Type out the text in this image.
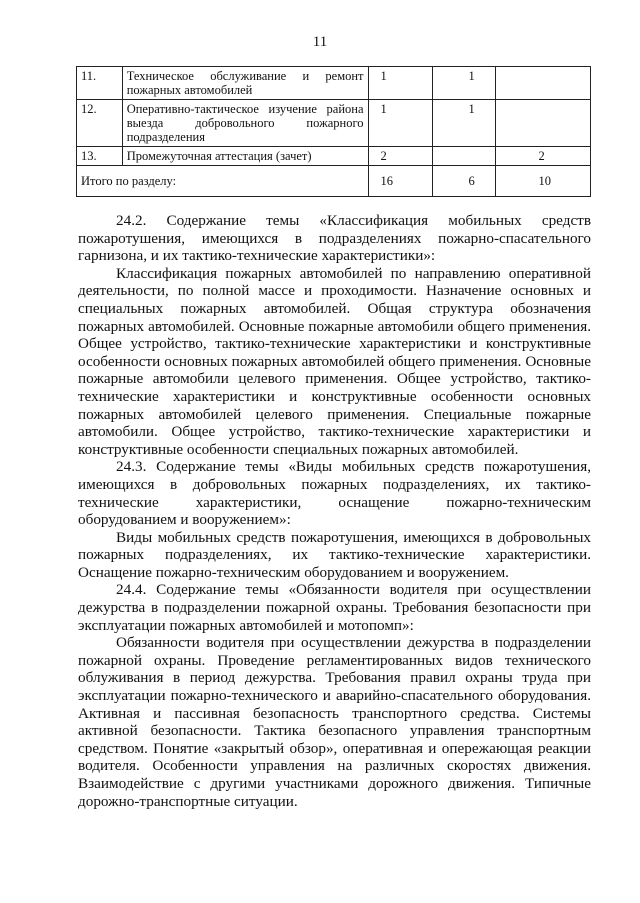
11
11.	Техническое обслуживание и ремонт пожарных автомобилей	1	1	
12.	Оперативно-тактическое изучение района выезда добровольного пожарного подразделения	1	1	
13.	Промежуточная аттестация (зачет)	2		2
Итого по разделу:		16	6	10

24.2. Содержание темы «Классификация мобильных средств пожаротушения, имеющихся в подразделениях пожарно-спасательного гарнизона, и их тактико-технические характеристики»:

Классификация пожарных автомобилей по направлению оперативной деятельности, по полной массе и проходимости. Назначение основных и специальных пожарных автомобилей. Общая структура обозначения пожарных автомобилей. Основные пожарные автомобили общего применения. Общее устройство, тактико-технические характеристики и конструктивные особенности основных пожарных автомобилей общего применения. Основные пожарные автомобили целевого применения. Общее устройство, тактико-технические характеристики и конструктивные особенности основных пожарных автомобилей целевого применения. Специальные пожарные автомобили. Общее устройство, тактико-технические характеристики и конструктивные особенности специальных пожарных автомобилей.

24.3. Содержание темы «Виды мобильных средств пожаротушения, имеющихся в добровольных пожарных подразделениях, их тактико-технические характеристики, оснащение пожарно-техническим оборудованием и вооружением»:

Виды мобильных средств пожаротушения, имеющихся в добровольных пожарных подразделениях, их тактико-технические характеристики. Оснащение пожарно-техническим оборудованием и вооружением.

24.4. Содержание темы «Обязанности водителя при осуществлении дежурства в подразделении пожарной охраны. Требования безопасности при эксплуатации пожарных автомобилей и мотопомп»:

Обязанности водителя при осуществлении дежурства в подразделении пожарной охраны. Проведение регламентированных видов технического облуживания в период дежурства. Требования правил охраны труда при эксплуатации пожарно-технического и аварийно-спасательного оборудования. Активная и пассивная безопасность транспортного средства. Системы активной безопасности. Тактика безопасного управления транспортным средством. Понятие «закрытый обзор», оперативная и опережающая реакции водителя. Особенности управления на различных скоростях движения. Взаимодействие с другими участниками дорожного движения. Типичные дорожно-транспортные ситуации.
